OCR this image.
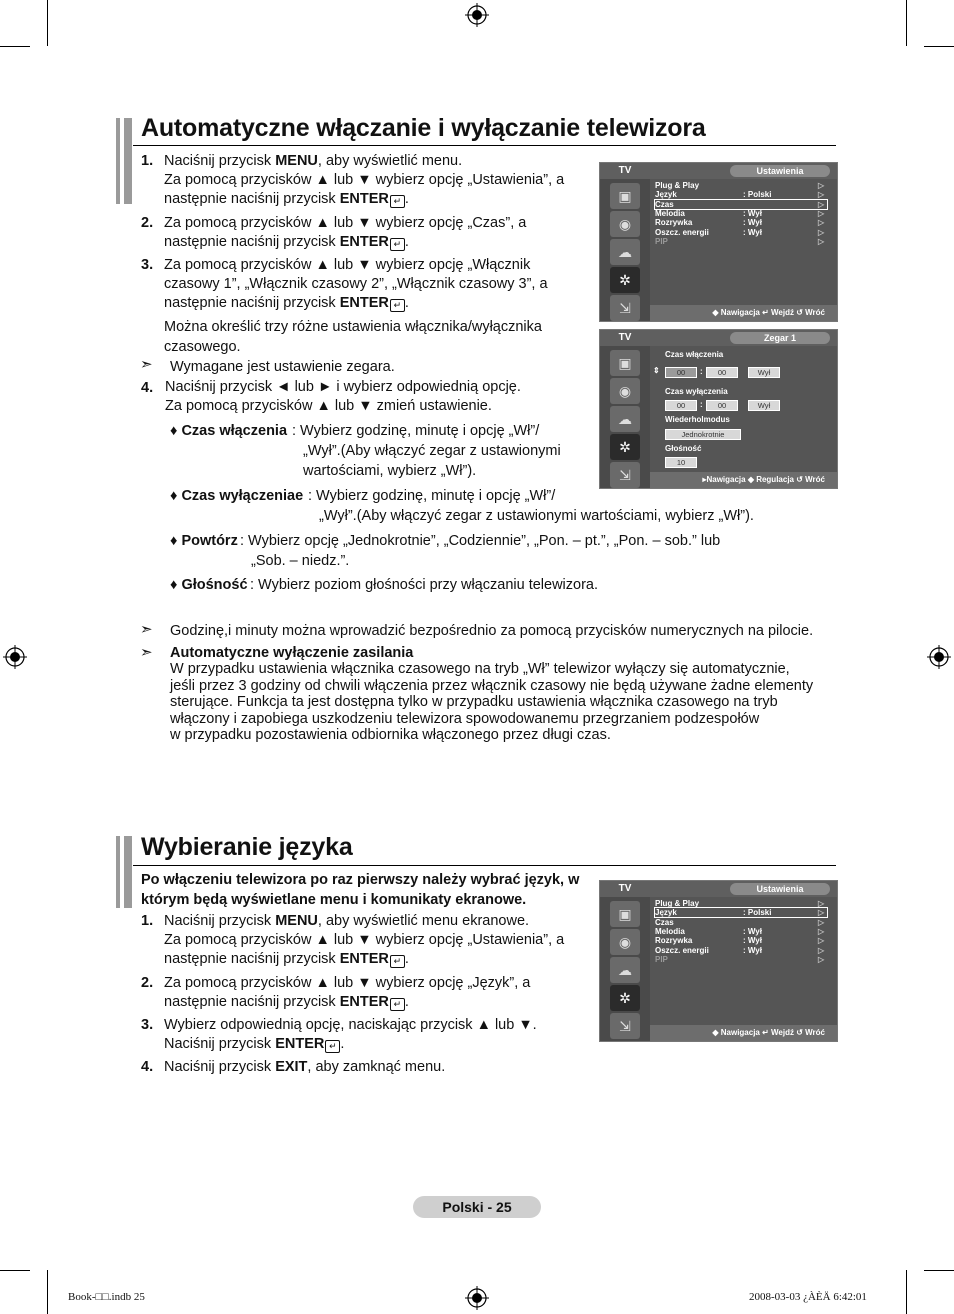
Automatyczne włączanie i wyłączanie telewizora
1. Naciśnij przycisk MENU, aby wyświetlić menu.
Za pomocą przycisków ▲ lub ▼ wybierz opcję „Ustawienia”, a
następnie naciśnij przycisk ENTER ↵ .
2. Za pomocą przycisków ▲ lub ▼ wybierz opcję „Czas”, a
następnie naciśnij przycisk ENTER ↵ .
3. Za pomocą przycisków ▲ lub ▼ wybierz opcję „Włącznik
czasowy 1”, „Włącznik czasowy 2”, „Włącznik czasowy 3”, a
następnie naciśnij przycisk ENTER ↵ .
Można określić trzy różne ustawienia włącznika/wyłącznika
czasowego.
➣ Wymagane jest ustawienie zegara.
4. Naciśnij przycisk ◄ lub ► i wybierz odpowiednią opcję.
Za pomocą przycisków ▲ lub ▼ zmień ustawienie.
♦ Czas włączenia : Wybierz godzinę, minutę i opcję „Wł”/
„Wył”.(Aby włączyć zegar z ustawionymi
wartościami, wybierz „Wł”).
♦ Czas wyłączeniae : Wybierz godzinę, minutę i opcję „Wł”/
„Wył”.(Aby włączyć zegar z ustawionymi wartościami, wybierz „Wł”).
♦ Powtórz : Wybierz opcję „Jednokrotnie”, „Codziennie”, „Pon. – pt.”, „Pon. – sob.” lub
„Sob. – niedz.”.
♦ Głośność : Wybierz poziom głośności przy włączaniu telewizora.
➣ Godzinę,i minuty można wprowadzić bezpośrednio za pomocą przycisków numerycznych na pilocie.
➣ Automatyczne wyłączenie zasilania
W przypadku ustawienia włącznika czasowego na tryb „Wł” telewizor wyłączy się automatycznie,
jeśli przez 3 godziny od chwili włączenia przez włącznik czasowy nie będą używane żadne elementy
sterujące. Funkcja ta jest dostępna tylko w przypadku ustawienia włącznika czasowego na tryb
włączony i zapobiega uszkodzeniu telewizora spowodowanemu przegrzaniem podzespołów
w przypadku pozostawienia odbiornika włączonego przez długi czas.
TV	Ustawienia
▣
◉
☁
✲
⇲
Plug & Play	▷
Język	: Polski	▷
Czas	▷
Melodia	: Wył	▷
Rozrywka	: Wył	▷
Oszcz. energii	: Wył	▷
PIP	▷
◆ Nawigacja ↵ Wejdź ↺ Wróć
TV	Zegar 1
▣
◉
☁
✲
⇲
Czas włączenia
⇕	00	:	00	Wył
Czas wyłączenia
00	:	00	Wył
Wiederholmodus
Jednokrotnie
Głośność
10
▸Nawigacja ◆ Regulacja ↺ Wróć
Wybieranie języka
Po włączeniu telewizora po raz pierwszy należy wybrać język, w
którym będą wyświetlane menu i komunikaty ekranowe.
1. Naciśnij przycisk MENU, aby wyświetlić menu ekranowe.
Za pomocą przycisków ▲ lub ▼ wybierz opcję „Ustawienia”, a
następnie naciśnij przycisk ENTER ↵ .
2. Za pomocą przycisków ▲ lub ▼ wybierz opcję „Język”, a
następnie naciśnij przycisk ENTER ↵ .
3. Wybierz odpowiednią opcję, naciskając przycisk ▲ lub ▼.
Naciśnij przycisk ENTER ↵ .
4. Naciśnij przycisk EXIT, aby zamknąć menu.
TV	Ustawienia
▣
◉
☁
✲
⇲
Plug & Play	▷
Język	: Polski	▷
Czas	▷
Melodia	: Wył	▷
Rozrywka	: Wył	▷
Oszcz. energii	: Wył	▷
PIP	▷
◆ Nawigacja ↵ Wejdź ↺ Wróć
Polski - 25
Book-□□.indb 25	2008-03-03 ¿ÀÈÄ 6:42:01
